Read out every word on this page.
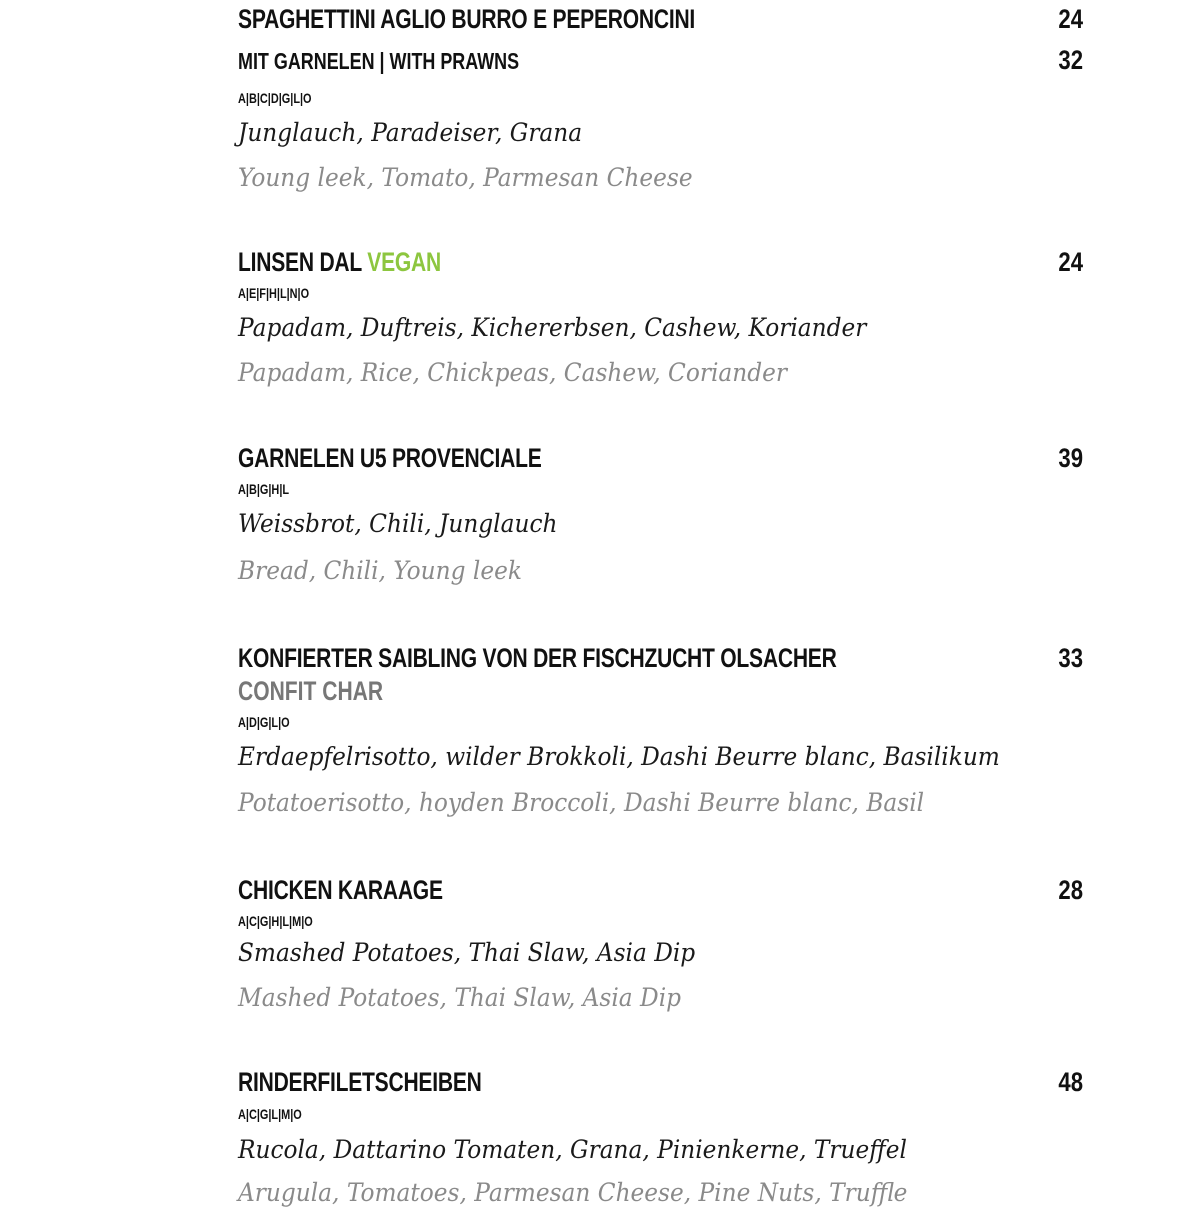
SPAGHETTINI AGLIO BURRO E PEPERONCINI	24
MIT GARNELEN | WITH PRAWNS	32
A|B|C|D|G|L|O
Junglauch, Paradeiser, Grana
Young leek, Tomato, Parmesan Cheese
LINSEN DAL VEGAN	24
A|E|F|H|L|N|O
Papadam, Duftreis, Kichererbsen, Cashew, Koriander
Papadam, Rice, Chickpeas, Cashew, Coriander
GARNELEN U5 PROVENCIALE	39
A|B|G|H|L
Weissbrot, Chili, Junglauch
Bread, Chili, Young leek
KONFIERTER SAIBLING VON DER FISCHZUCHT OLSACHER	33
CONFIT CHAR
A|D|G|L|O
Erdaepfelrisotto, wilder Brokkoli, Dashi Beurre blanc, Basilikum
Potatoerisotto, hoyden Broccoli, Dashi Beurre blanc, Basil
CHICKEN KARAAGE	28
A|C|G|H|L|M|O
Smashed Potatoes, Thai Slaw, Asia Dip
Mashed Potatoes, Thai Slaw, Asia Dip
RINDERFILETSCHEIBEN	48
A|C|G|L|M|O
Rucola, Dattarino Tomaten, Grana, Pinienkerne, Trueffel
Arugula, Tomatoes, Parmesan Cheese, Pine Nuts, Truffle
